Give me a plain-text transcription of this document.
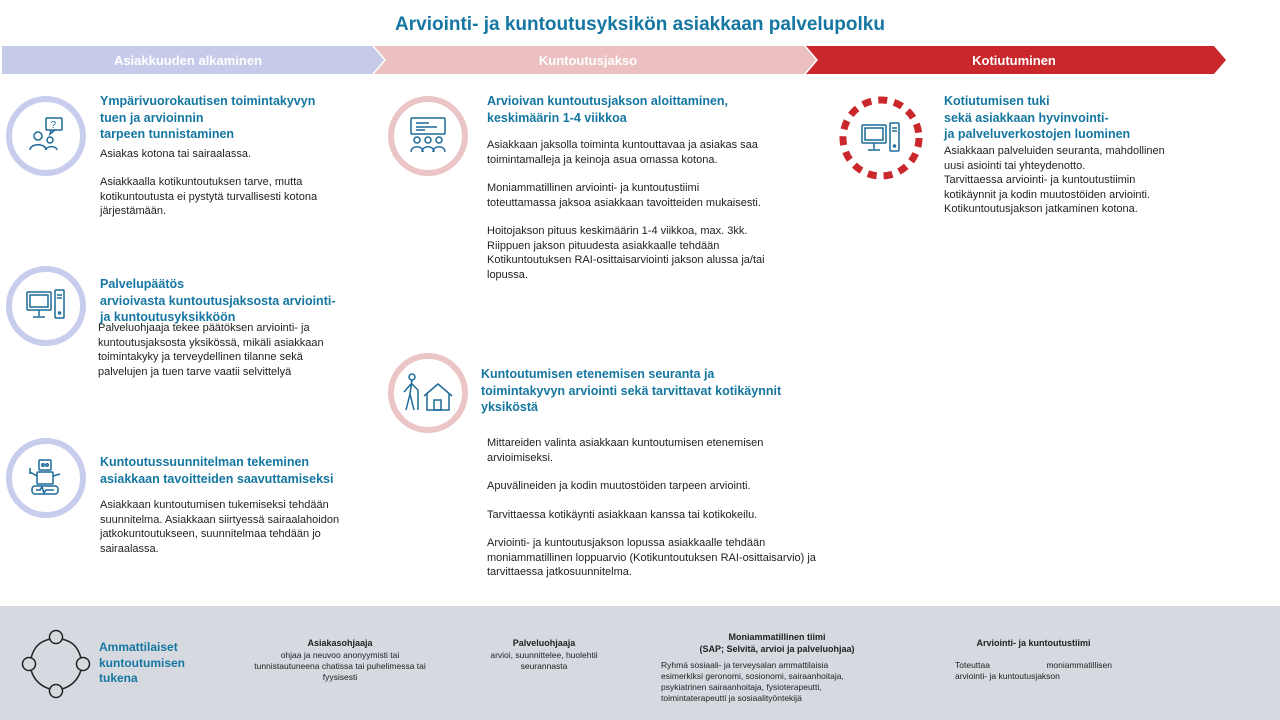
Arviointi- ja kuntoutusyksikön asiakkaan palvelupolku
Asiakkuuden alkaminen	Kuntoutusjakso	Kotiutuminen
?
Ympärivuorokautisen toimintakyvyn
tuen ja arvioinnin
tarpeen tunnistaminen
Asiakas kotona tai sairaalassa.
Asiakkaalla kotikuntoutuksen tarve, mutta
kotikuntoutusta ei pystytä turvallisesti kotona
järjestämään.
Palvelupäätös
arvioivasta kuntoutusjaksosta arviointi-
ja kuntoutusyksikköön
Palveluohjaaja tekee päätöksen arviointi- ja
kuntoutusjaksosta yksikössä, mikäli asiakkaan
toimintakyky ja terveydellinen tilanne sekä
palvelujen ja tuen tarve vaatii selvittelyä
Kuntoutussuunnitelman tekeminen
asiakkaan tavoitteiden saavuttamiseksi
Asiakkaan kuntoutumisen tukemiseksi tehdään
suunnitelma. Asiakkaan siirtyessä sairaalahoidon
jatkokuntoutukseen, suunnitelmaa tehdään jo
sairaalassa.
Arvioivan kuntoutusjakson aloittaminen,
keskimäärin 1-4 viikkoa
Asiakkaan jaksolla toiminta kuntouttavaa ja asiakas saa
toimintamalleja ja keinoja asua omassa kotona.
Moniammatillinen arviointi- ja kuntoutustiimi
toteuttamassa jaksoa asiakkaan tavoitteiden mukaisesti.
Hoitojakson pituus keskimäärin 1-4 viikkoa, max. 3kk.
Riippuen jakson pituudesta asiakkaalle tehdään
Kotikuntoutuksen RAI-osittaisarviointi jakson alussa ja/tai
lopussa.
Kuntoutumisen etenemisen seuranta ja
toimintakyvyn arviointi sekä tarvittavat kotikäynnit
yksiköstä
Mittareiden valinta asiakkaan kuntoutumisen etenemisen
arvioimiseksi.
Apuvälineiden ja kodin muutostöiden tarpeen arviointi.
Tarvittaessa kotikäynti asiakkaan kanssa tai kotikokeilu.
Arviointi- ja kuntoutusjakson lopussa asiakkaalle tehdään
moniammatillinen loppuarvio (Kotikuntoutuksen RAI-osittaisarvio) ja
tarvittaessa jatkosuunnitelma.
Kotiutumisen tuki
sekä asiakkaan hyvinvointi-
ja palveluverkostojen luominen
Asiakkaan palveluiden seuranta, mahdollinen
uusi asiointi tai yhteydenotto.
Tarvittaessa arviointi- ja kuntoutustiimin
kotikäynnit ja kodin muutostöiden arviointi.
Kotikuntoutusjakson jatkaminen kotona.
Ammattilaiset
kuntoutumisen
tukena
Asiakasohjaaja
ohjaa ja neuvoo anonyymisti tai
tunnistautuneena chatissa tai puhelimessa tai
fyysisesti
Palveluohjaaja
arvioi, suunnittelee, huolehtii
seurannasta
Moniammatillinen tiimi
(SAP; Selvitä, arvioi ja palveluohjaa)
Ryhmä sosiaali- ja terveysalan ammattilaisia
esimerkiksi geronomi, sosionomi, sairaanhoitaja,
psykiatrinen sairaanhoitaja, fysioterapeutti,
toimintaterapeutti ja sosiaalityöntekijä
Arviointi- ja kuntoutustiimi
Toteuttaa	moniammatillisen
arviointi- ja kuntoutusjakson
